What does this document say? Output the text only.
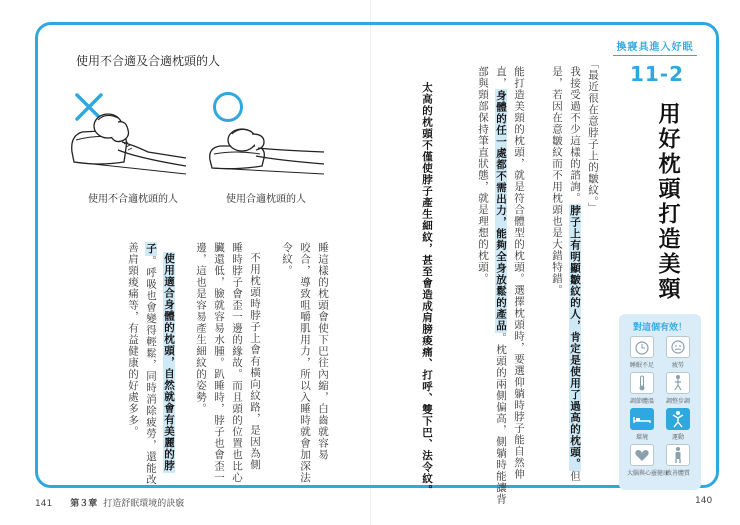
使用不合適及合適枕頭的人
使用不合適枕頭的人	使用合適枕頭的人	「最近很在意脖子上的皺紋。」
我接受過不少這樣的諮詢。脖子上有明顯皺紋的人，肯定是使用了過高的枕頭。但
是，若因在意皺紋而不用枕頭也是大錯特錯。
能打造美頸的枕頭，就是符合體型的枕頭。選擇枕頭時，要選仰躺時脖子能自然伸
直，身體的任一處都不需出力，能夠全身放鬆的產品。枕頭的兩側偏高，側躺時能讓背
部與頸部保持筆直狀態，就是理想的枕頭。
太高的枕頭不僅使脖子產生細紋，甚至會造成肩膀痠痛、打呼、雙下巴、法令紋。
睡這樣的枕頭會使下巴往內縮，白齒就容易
咬合，導致咀嚼肌用力，所以入睡時就會加深法
令紋。
不用枕頭時脖子上會有橫向紋路，是因為側
睡時脖子會歪一邊的緣故。而且頭的位置也比心
臟還低，臉就容易水腫。趴睡時，脖子也會歪一
邊，這也是容易產生細紋的姿勢。
使用適合身體的枕頭，自然就會有美麗的脖
子。呼吸也會變得輕鬆，同時消除疲勞，還能改
善肩頸痠痛等，有益健康的好處多多。
換寢具進入好眠
11-2
用好枕頭打造美頸
對這個有效！
睡眠不足	疲勞
調節體溫	調整步調
環境	運動
大腦與心靈健康
改善體質
141 第３章 打造舒眠環境的訣竅	140
